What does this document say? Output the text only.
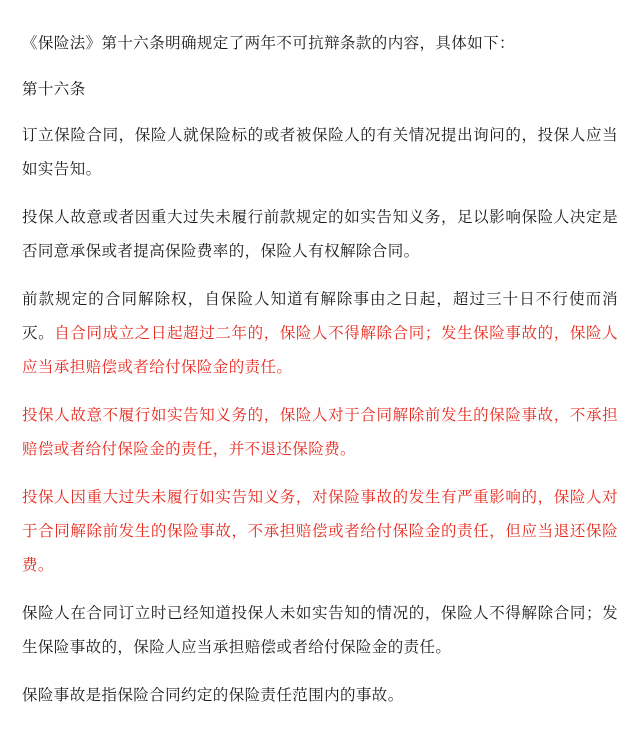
《保险法》第十六条明确规定了两年不可抗辩条款的内容，具体如下：

第十六条

订立保险合同，保险人就保险标的或者被保险人的有关情况提出询问的，投保人应当如实告知。

投保人故意或者因重大过失未履行前款规定的如实告知义务，足以影响保险人决定是否同意承保或者提高保险费率的，保险人有权解除合同。

前款规定的合同解除权，自保险人知道有解除事由之日起，超过三十日不行使而消灭。自合同成立之日起超过二年的，保险人不得解除合同；发生保险事故的，保险人应当承担赔偿或者给付保险金的责任。

投保人故意不履行如实告知义务的，保险人对于合同解除前发生的保险事故，不承担赔偿或者给付保险金的责任，并不退还保险费。

投保人因重大过失未履行如实告知义务，对保险事故的发生有严重影响的，保险人对于合同解除前发生的保险事故，不承担赔偿或者给付保险金的责任，但应当退还保险费。

保险人在合同订立时已经知道投保人未如实告知的情况的，保险人不得解除合同；发生保险事故的，保险人应当承担赔偿或者给付保险金的责任。

保险事故是指保险合同约定的保险责任范围内的事故。
